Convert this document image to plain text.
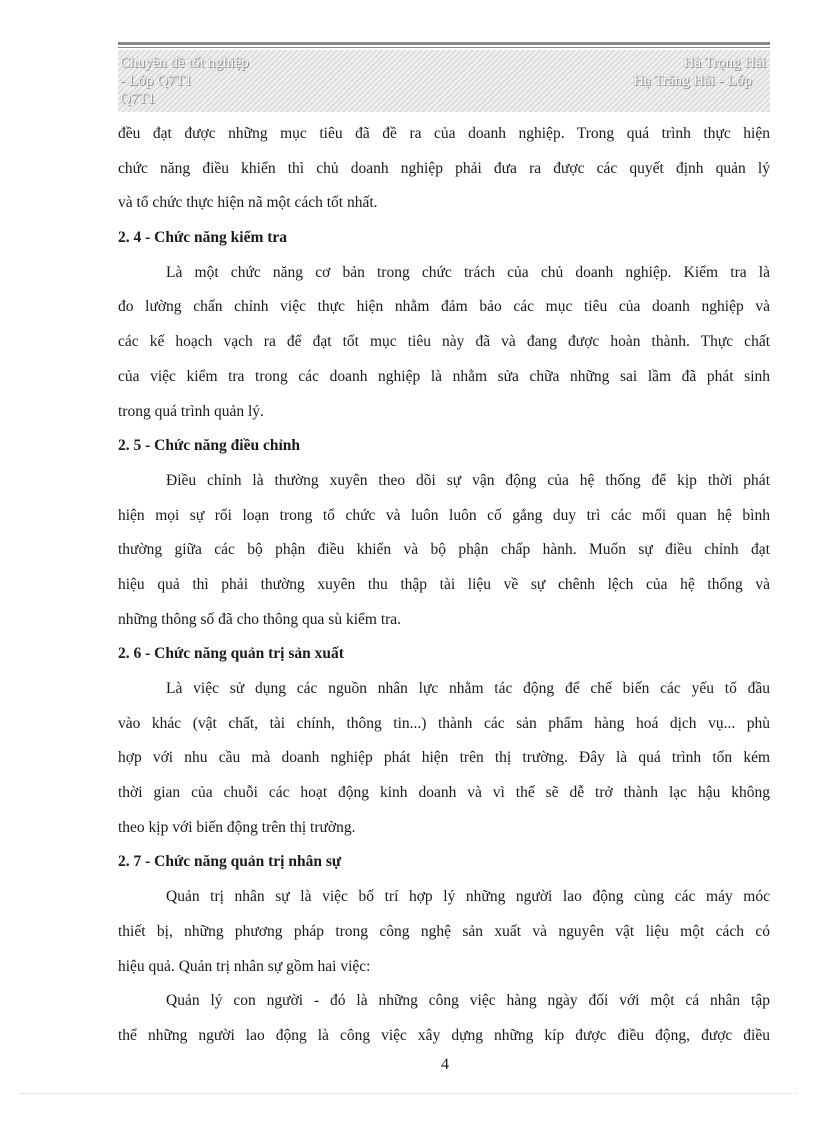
Chuyên đề tốt nghiệp
- Lớp Q7T1
Q7T1
Hà Trọng Hải
Hạ Trăng Hải - Lớp
đều đạt được những mục tiêu đã đề ra của doanh nghiệp. Trong quá trình thực hiện
chức năng điều khiển thì chủ doanh nghiệp phải đưa ra được các quyết định quản lý
và tổ chức thực hiện nã một cách tốt nhất.
2. 4 - Chức năng kiểm tra
Là một chức năng cơ bản trong chức trách của chủ doanh nghiệp. Kiểm tra là
đo lường chấn chỉnh việc thực hiện nhằm đảm bảo các mục tiêu của doanh nghiệp và
các kế hoạch vạch ra để đạt tốt mục tiêu này đã và đang được hoàn thành. Thực chất
của việc kiểm tra trong các doanh nghiệp là nhằm sửa chữa những sai lầm đã phát sinh
trong quá trình quản lý.
2. 5 - Chức năng điều chỉnh
Điều chỉnh là thường xuyên theo dõi sự vận động của hệ thống để kịp thời phát
hiện mọi sự rối loạn trong tổ chức và luôn luôn cố gắng duy trì các mối quan hệ bình
thường giữa các bộ phận điều khiển và bộ phận chấp hành. Muốn sự điều chỉnh đạt
hiệu quả thì phải thường xuyên thu thập tài liệu về sự chênh lệch của hệ thống và
những thông số đã cho thông qua sù kiểm tra.
2. 6 - Chức năng quản trị sản xuất
Là việc sử dụng các nguồn nhân lực nhằm tác động để chế biến các yếu tố đầu
vào khác (vật chất, tài chính, thông tin...) thành các sản phẩm hàng hoá dịch vụ... phù
hợp với nhu cầu mà doanh nghiệp phát hiện trên thị trường. Đây là quá trình tốn kém
thời gian của chuỗi các hoạt động kinh doanh và vì thế sẽ dễ trở thành lạc hậu không
theo kịp với biến động trên thị trường.
2. 7 - Chức năng quản trị nhân sự
Quản trị nhân sự là việc bố trí hợp lý những người lao động cùng các máy móc
thiết bị, những phương pháp trong công nghệ sản xuất và nguyên vật liệu một cách có
hiệu quả. Quản trị nhân sự gồm hai việc:
Quản lý con người - đó là những công việc hàng ngày đối với một cá nhân tập
thể những người lao động là công việc xây dựng những kíp được điều động, được điều
4
